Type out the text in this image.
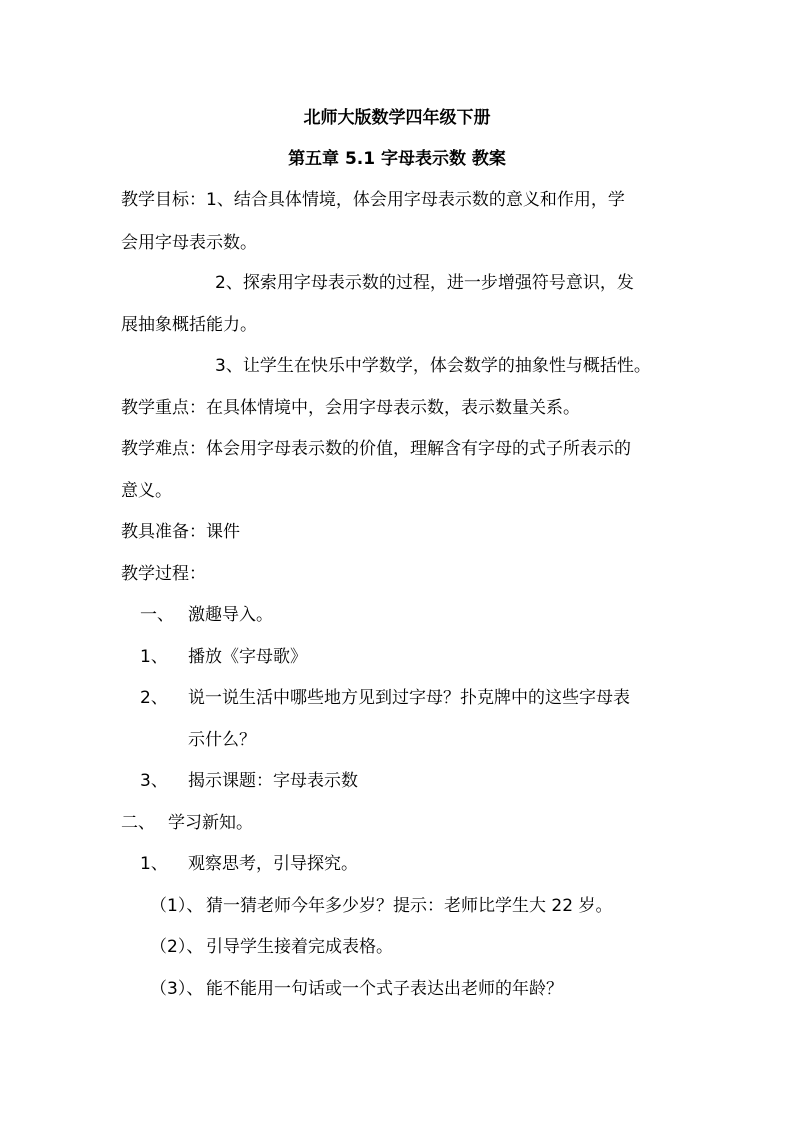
北师大版数学四年级下册
第五章 5.1 字母表示数 教案
教学目标：1、结合具体情境，体会用字母表示数的意义和作用，学
会用字母表示数。
2、探索用字母表示数的过程，进一步增强符号意识，发
展抽象概括能力。
3、让学生在快乐中学数学，体会数学的抽象性与概括性。
教学重点：在具体情境中，会用字母表示数，表示数量关系。
教学难点：体会用字母表示数的价值，理解含有字母的式子所表示的
意义。
教具准备：课件
教学过程：
一、 激趣导入。
1、 播放《字母歌》
2、 说一说生活中哪些地方见到过字母？扑克牌中的这些字母表
示什么？
3、 揭示课题：字母表示数
二、 学习新知。
1、 观察思考，引导探究。
（1）、 猜一猜老师今年多少岁？提示：老师比学生大 22 岁。
（2）、 引导学生接着完成表格。
（3）、 能不能用一句话或一个式子表达出老师的年龄？
